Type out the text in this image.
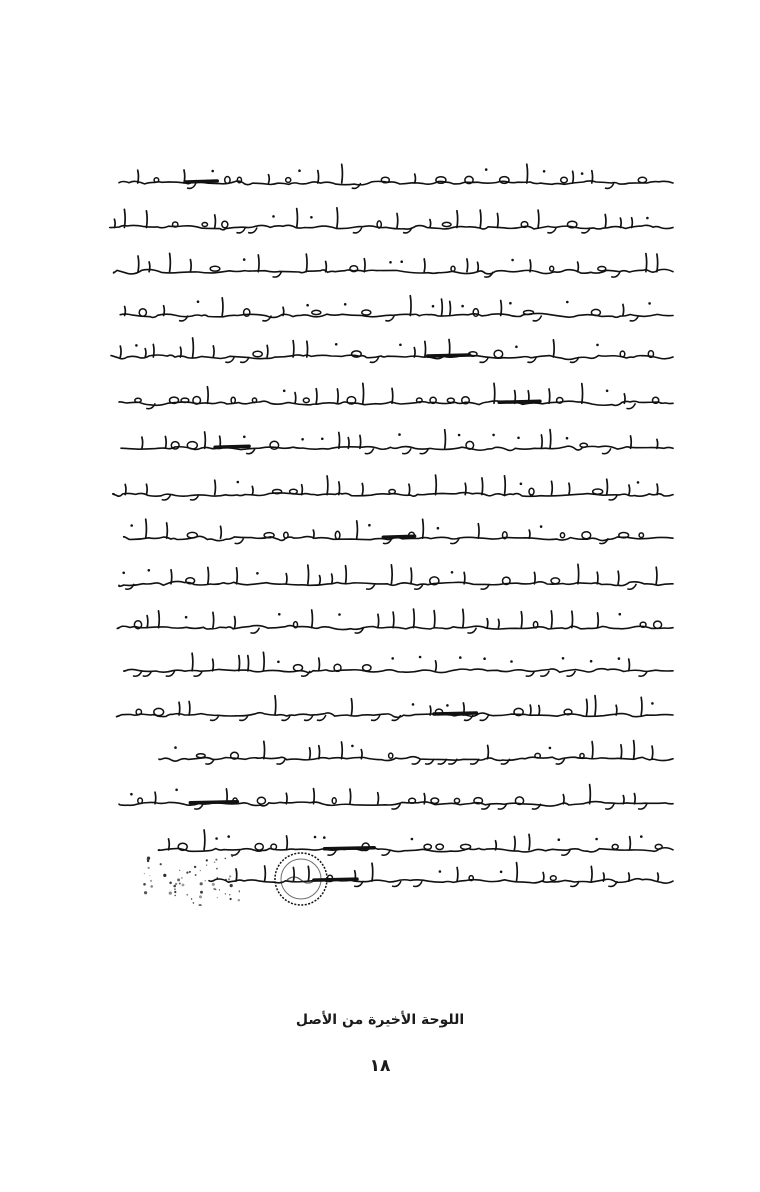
اللوحة الأخيرة من الأصل
١٨
